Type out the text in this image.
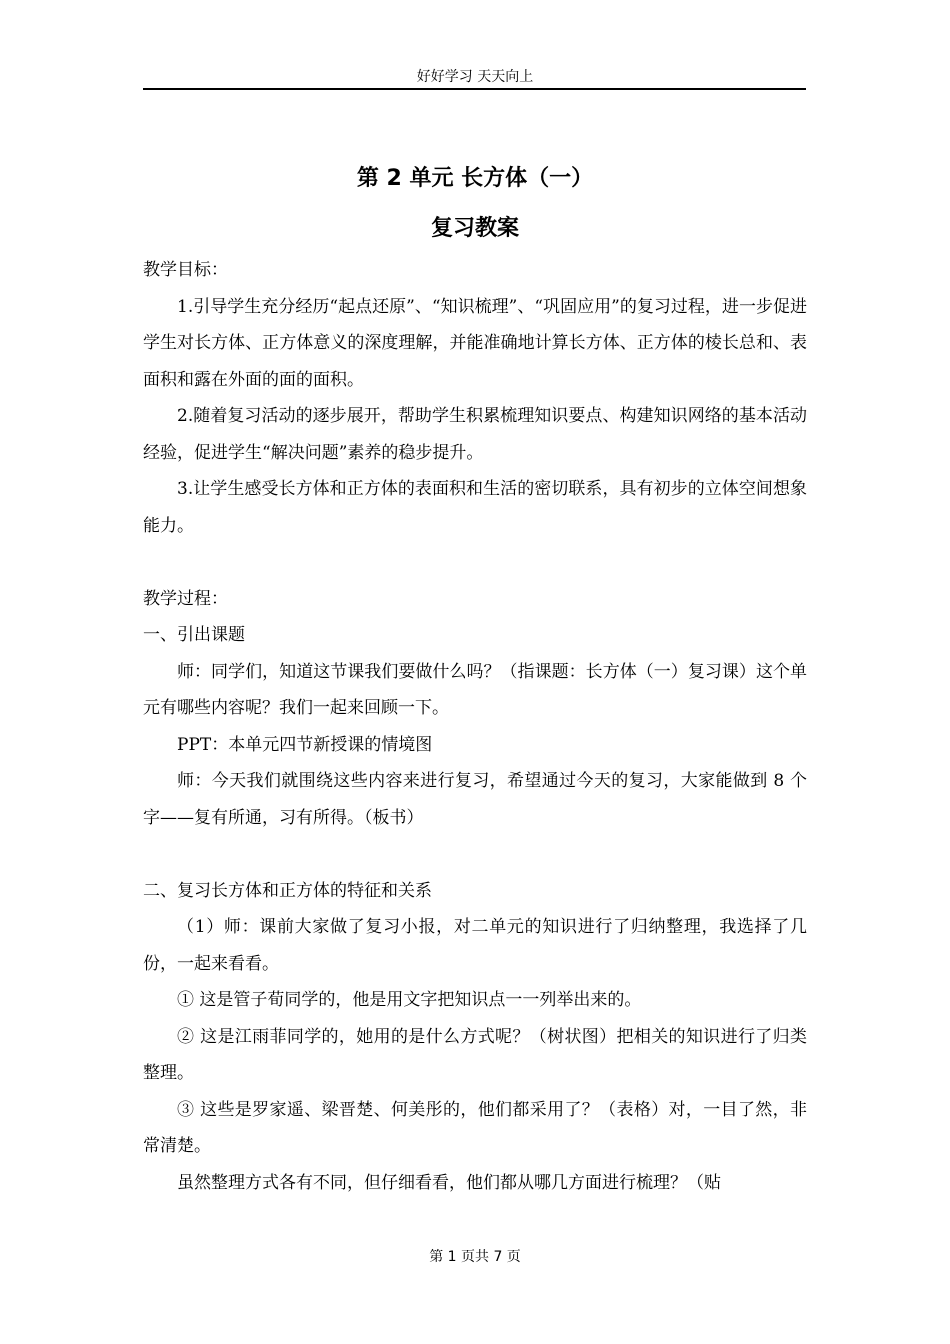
好好学习 天天向上
第 2 单元 长方体（一）
复习教案

教学目标：

1.引导学生充分经历“起点还原”、“知识梳理”、“巩固应用”的复习过程，进一步促进学生对长方体、正方体意义的深度理解，并能准确地计算长方体、正方体的棱长总和、表面积和露在外面的面的面积。

2.随着复习活动的逐步展开，帮助学生积累梳理知识要点、构建知识网络的基本活动经验，促进学生“解决问题”素养的稳步提升。

3.让学生感受长方体和正方体的表面积和生活的密切联系，具有初步的立体空间想象能力。

教学过程：

一、引出课题

师：同学们，知道这节课我们要做什么吗？（指课题：长方体（一）复习课）这个单元有哪些内容呢？我们一起来回顾一下。

PPT：本单元四节新授课的情境图

师：今天我们就围绕这些内容来进行复习，希望通过今天的复习，大家能做到 8 个字——复有所通，习有所得。（板书）

二、复习长方体和正方体的特征和关系

（1）师：课前大家做了复习小报，对二单元的知识进行了归纳整理，我选择了几份，一起来看看。

① 这是管子荀同学的，他是用文字把知识点一一列举出来的。

② 这是江雨菲同学的，她用的是什么方式呢？（树状图）把相关的知识进行了归类整理。

③ 这些是罗家遥、梁晋楚、何美彤的，他们都采用了？（表格）对，一目了然，非常清楚。

虽然整理方式各有不同，但仔细看看，他们都从哪几方面进行梳理？（贴

第 1 页共 7 页
